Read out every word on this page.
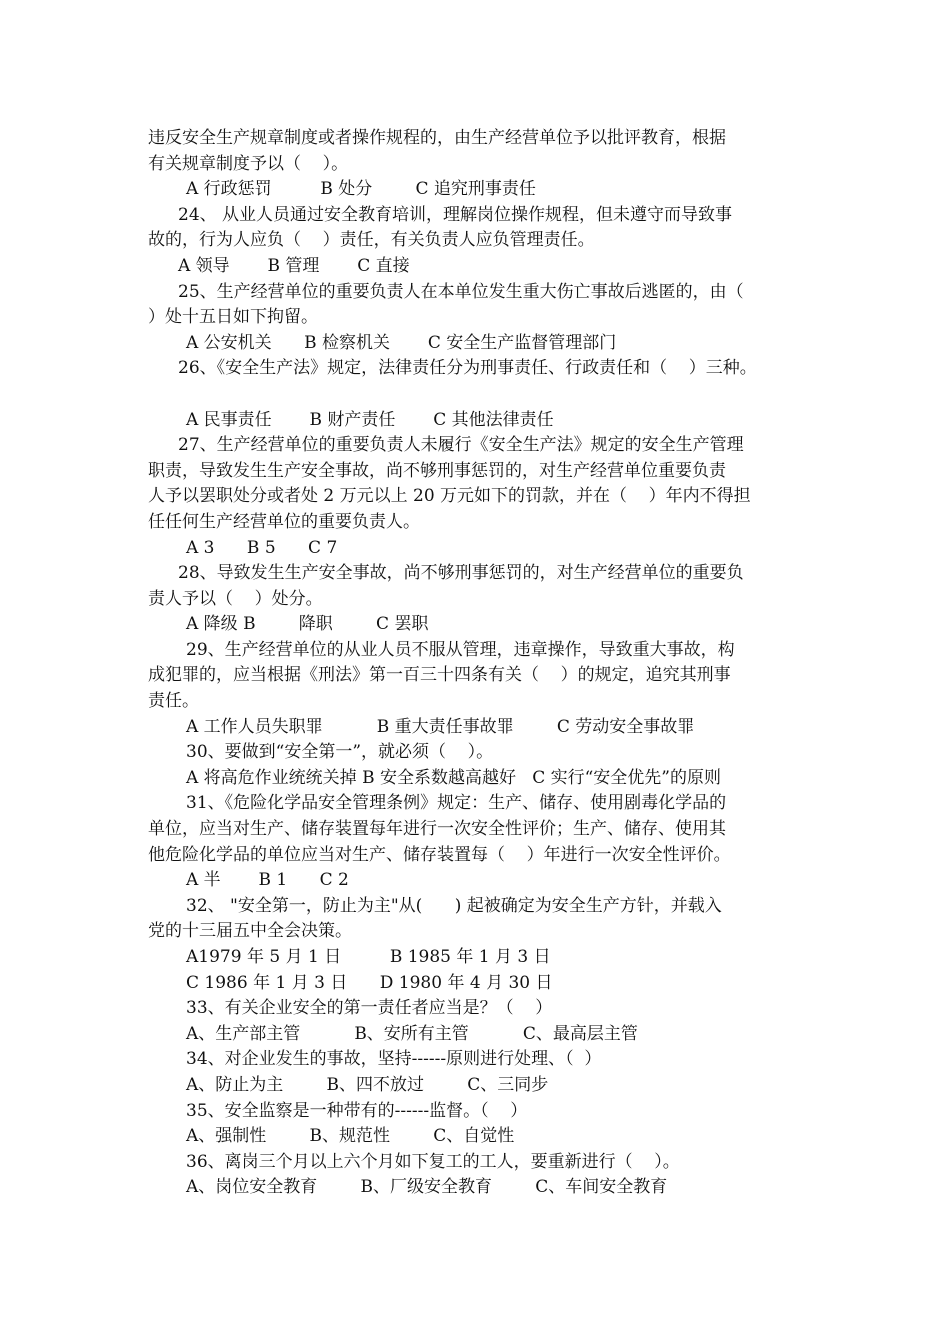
违反安全生产规章制度或者操作规程的，由生产经营单位予以批评教育，根据
有关规章制度予以（    ）。
A 行政惩罚         B 处分        C 追究刑事责任
24、 从业人员通过安全教育培训，理解岗位操作规程，但未遵守而导致事
故的，行为人应负（    ）责任，有关负责人应负管理责任。
A 领导       B 管理       C 直接
25、生产经营单位的重要负责人在本单位发生重大伤亡事故后逃匿的，由（
）处十五日如下拘留。
A 公安机关      B 检察机关       C 安全生产监督管理部门
26、《安全生产法》规定，法律责任分为刑事责任、行政责任和（    ）三种。
A 民事责任       B 财产责任       C 其他法律责任
27、生产经营单位的重要负责人未履行《安全生产法》规定的安全生产管理
职责，导致发生生产安全事故，尚不够刑事惩罚的，对生产经营单位重要负责
人予以罢职处分或者处 2 万元以上 20 万元如下的罚款，并在（    ）年内不得担
任任何生产经营单位的重要负责人。
A 3      B 5      C 7
28、导致发生生产安全事故，尚不够刑事惩罚的，对生产经营单位的重要负
责人予以（    ）处分。
A 降级 B        降职        C 罢职
29、生产经营单位的从业人员不服从管理，违章操作，导致重大事故，构
成犯罪的，应当根据《刑法》第一百三十四条有关（    ）的规定，追究其刑事
责任。
A 工作人员失职罪          B 重大责任事故罪        C 劳动安全事故罪
30、要做到“安全第一”，就必须（    ）。
A 将高危作业统统关掉 B 安全系数越高越好   C 实行“安全优先”的原则
31、《危险化学品安全管理条例》规定：生产、储存、使用剧毒化学品的
单位，应当对生产、储存装置每年进行一次安全性评价；生产、储存、使用其
他危险化学品的单位应当对生产、储存装置每（    ）年进行一次安全性评价。
A 半       B 1      C 2
32、 "安全第一，防止为主"从(      ) 起被确定为安全生产方针，并载入
党的十三届五中全会决策。
A1979 年 5 月 1 日         B 1985 年 1 月 3 日
C 1986 年 1 月 3 日      D 1980 年 4 月 30 日
33、有关企业安全的第一责任者应当是？（    ）
A、生产部主管          B、安所有主管          C、最高层主管
34、对企业发生的事故，坚持------原则进行处理、（  ）
A、防止为主        B、四不放过        C、三同步
35、安全监察是一种带有的------监督。（    ）
A、强制性        B、规范性        C、自觉性
36、离岗三个月以上六个月如下复工的工人，要重新进行（    ）。
A、岗位安全教育        B、厂级安全教育        C、车间安全教育
